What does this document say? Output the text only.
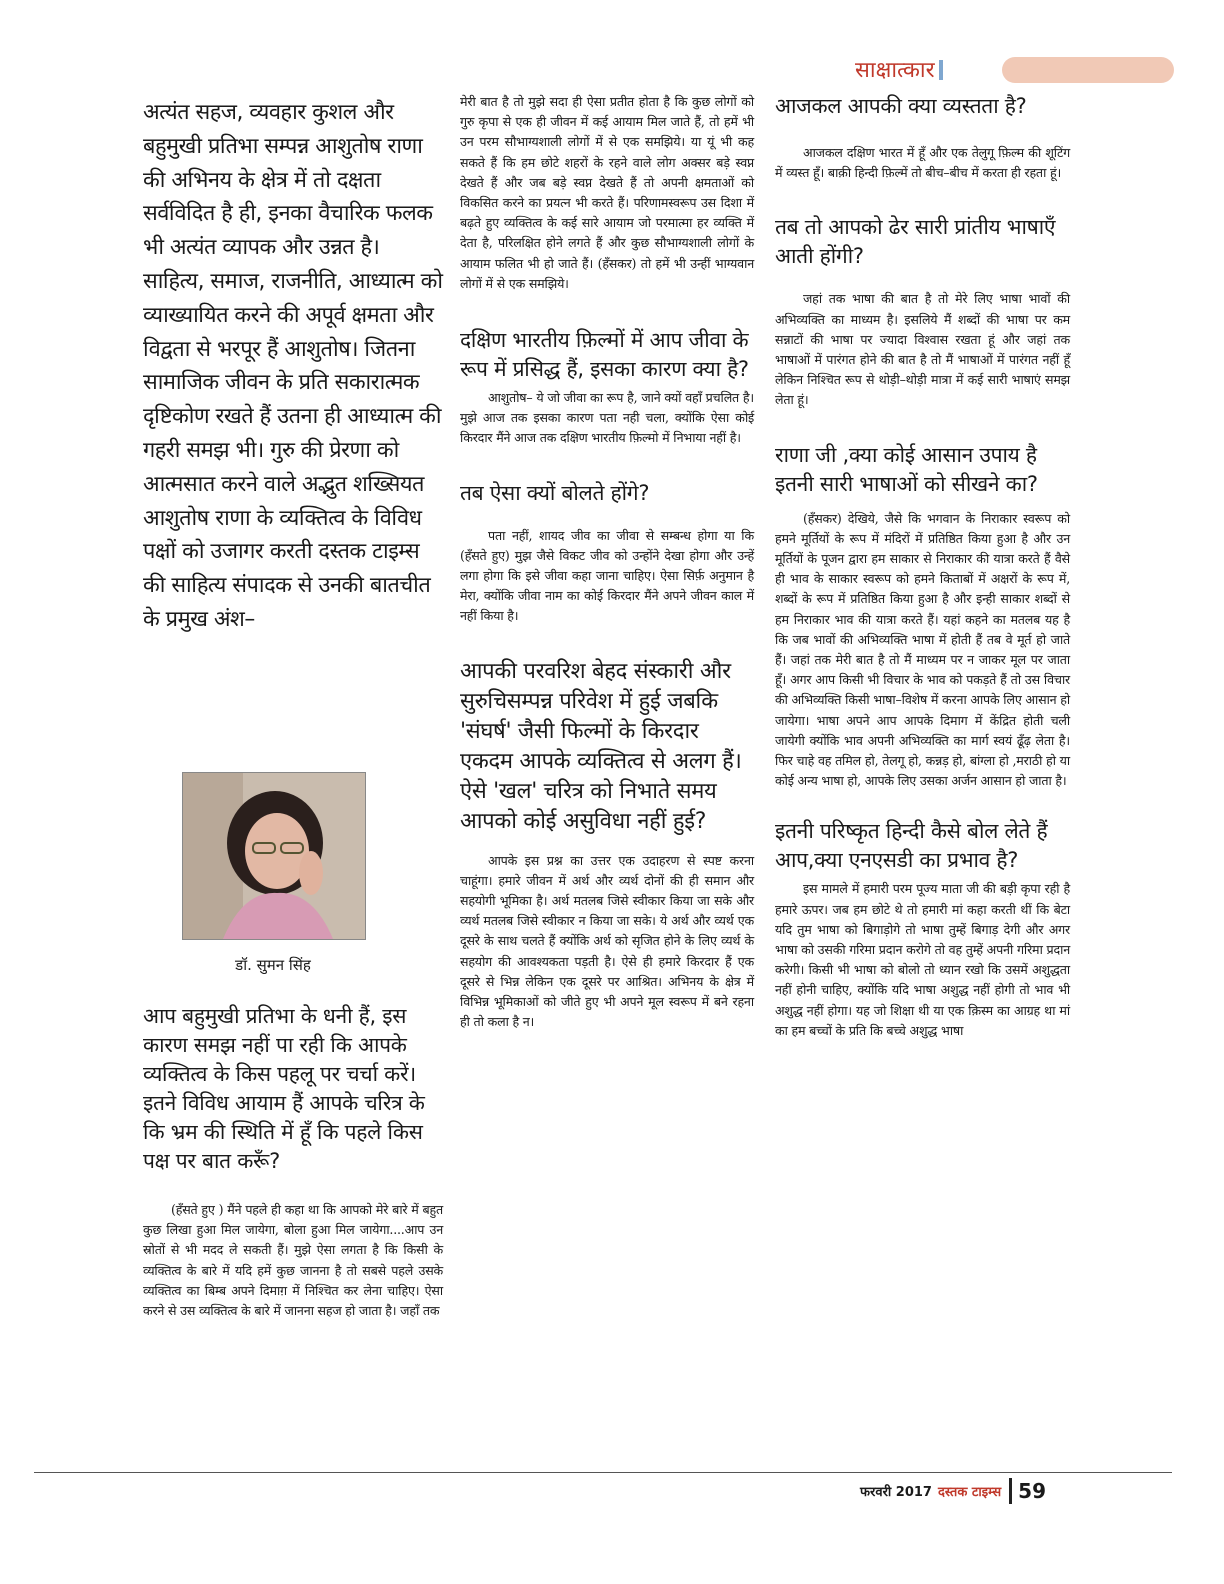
साक्षात्कार

अत्यंत सहज, व्यवहार कुशल और बहुमुखी प्रतिभा सम्पन्न आशुतोष राणा की अभिनय के क्षेत्र में तो दक्षता सर्वविदित है ही, इनका वैचारिक फलक भी अत्यंत व्यापक और उन्नत है। साहित्य, समाज, राजनीति, आध्यात्म को व्याख्यायित करने की अपूर्व क्षमता और विद्वता से भरपूर हैं आशुतोष। जितना सामाजिक जीवन के प्रति सकारात्मक दृष्टिकोण रखते हैं उतना ही आध्यात्म की गहरी समझ भी। गुरु की प्रेरणा को आत्मसात करने वाले अद्भुत शख्सियत आशुतोष राणा के व्यक्तित्व के विविध पक्षों को उजागर करती दस्तक टाइम्स की साहित्य संपादक से उनकी बातचीत के प्रमुख अंश–

डॉ. सुमन सिंह

आप बहुमुखी प्रतिभा के धनी हैं, इस कारण समझ नहीं पा रही कि आपके व्यक्तित्व के किस पहलू पर चर्चा करें। इतने विविध आयाम हैं आपके चरित्र के कि भ्रम की स्थिति में हूँ कि पहले किस पक्ष पर बात करूँ?

(हँसते हुए ) मैंने पहले ही कहा था कि आपको मेरे बारे में बहुत कुछ लिखा हुआ मिल जायेगा, बोला हुआ मिल जायेगा....आप उन स्रोतों से भी मदद ले सकती हैं। मुझे ऐसा लगता है कि किसी के व्यक्तित्व के बारे में यदि हमें कुछ जानना है तो सबसे पहले उसके व्यक्तित्व का बिम्ब अपने दिमाग़ में निश्चित कर लेना चाहिए। ऐसा करने से उस व्यक्तित्व के बारे में जानना सहज हो जाता है। जहाँ तक

मेरी बात है तो मुझे सदा ही ऐसा प्रतीत होता है कि कुछ लोगों को गुरु कृपा से एक ही जीवन में कई आयाम मिल जाते हैं, तो हमें भी उन परम सौभाग्यशाली लोगों में से एक समझिये। या यूं भी कह सकते हैं कि हम छोटे शहरों के रहने वाले लोग अक्सर बड़े स्वप्न देखते हैं और जब बड़े स्वप्न देखते हैं तो अपनी क्षमताओं को विकसित करने का प्रयत्न भी करते हैं। परिणामस्वरूप उस दिशा में बढ़ते हुए व्यक्तित्व के कई सारे आयाम जो परमात्मा हर व्यक्ति में देता है, परिलक्षित होने लगते हैं और कुछ सौभाग्यशाली लोगों के आयाम फलित भी हो जाते हैं। (हँसकर) तो हमें भी उन्हीं भाग्यवान लोगों में से एक समझिये।

दक्षिण भारतीय फ़िल्मों में आप जीवा के रूप में प्रसिद्ध हैं, इसका कारण क्या है?

आशुतोष– ये जो जीवा का रूप है, जाने क्यों वहाँ प्रचलित है। मुझे आज तक इसका कारण पता नही चला, क्योंकि ऐसा कोई किरदार मैंने आज तक दक्षिण भारतीय फ़िल्मो में निभाया नहीं है।

तब ऐसा क्यों बोलते होंगे?

पता नहीं, शायद जीव का जीवा से सम्बन्ध होगा या कि (हँसते हुए) मुझ जैसे विकट जीव को उन्होंने देखा होगा और उन्हें लगा होगा कि इसे जीवा कहा जाना चाहिए। ऐसा सिर्फ़ अनुमान है मेरा, क्योंकि जीवा नाम का कोई किरदार मैंने अपने जीवन काल में नहीं किया है।

आपकी परवरिश बेहद संस्कारी और सुरुचिसम्पन्न परिवेश में हुई जबकि 'संघर्ष' जैसी फिल्मों के किरदार एकदम आपके व्यक्तित्व से अलग हैं। ऐसे 'खल' चरित्र को निभाते समय आपको कोई असुविधा नहीं हुई?

आपके इस प्रश्न का उत्तर एक उदाहरण से स्पष्ट करना चाहूंगा। हमारे जीवन में अर्थ और व्यर्थ दोनों की ही समान और सहयोगी भूमिका है। अर्थ मतलब जिसे स्वीकार किया जा सके और व्यर्थ मतलब जिसे स्वीकार न किया जा सके। ये अर्थ और व्यर्थ एक दूसरे के साथ चलते हैं क्योंकि अर्थ को सृजित होने के लिए व्यर्थ के सहयोग की आवश्यकता पड़ती है। ऐसे ही हमारे किरदार हैं एक दूसरे से भिन्न लेकिन एक दूसरे पर आश्रित। अभिनय के क्षेत्र में विभिन्न भूमिकाओं को जीते हुए भी अपने मूल स्वरूप में बने रहना ही तो कला है न।

आजकल आपकी क्या व्यस्तता है?

आजकल दक्षिण भारत में हूँ और एक तेलुगू फ़िल्म की शूटिंग में व्यस्त हूँ। बाक़ी हिन्दी फ़िल्में तो बीच–बीच में करता ही रहता हूं।

तब तो आपको ढेर सारी प्रांतीय भाषाएँ आती होंगी?

जहां तक भाषा की बात है तो मेरे लिए भाषा भावों की अभिव्यक्ति का माध्यम है। इसलिये मैं शब्दों की भाषा पर कम सन्नाटों की भाषा पर ज्यादा विश्वास रखता हूं और जहां तक भाषाओं में पारंगत होने की बात है तो मैं भाषाओं में पारंगत नहीं हूँ लेकिन निश्चित रूप से थोड़ी–थोड़ी मात्रा में कई सारी भाषाएं समझ लेता हूं।

राणा जी ,क्या कोई आसान उपाय है इतनी सारी भाषाओं को सीखने का?

(हँसकर) देखिये, जैसे कि भगवान के निराकार स्वरूप को हमने मूर्तियों के रूप में मंदिरों में प्रतिष्ठित किया हुआ है और उन मूर्तियों के पूजन द्वारा हम साकार से निराकार की यात्रा करते हैं वैसे ही भाव के साकार स्वरूप को हमने किताबों में अक्षरों के रूप में, शब्दों के रूप में प्रतिष्ठित किया हुआ है और इन्ही साकार शब्दों से हम निराकार भाव की यात्रा करते हैं। यहां कहने का मतलब यह है कि जब भावों की अभिव्यक्ति भाषा में होती हैं तब वे मूर्त हो जाते हैं। जहां तक मेरी बात है तो मैं माध्यम पर न जाकर मूल पर जाता हूँ। अगर आप किसी भी विचार के भाव को पकड़ते हैं तो उस विचार की अभिव्यक्ति किसी भाषा–विशेष में करना आपके लिए आसान हो जायेगा। भाषा अपने आप आपके दिमाग में केंद्रित होती चली जायेगी क्योंकि भाव अपनी अभिव्यक्ति का मार्ग स्वयं ढूँढ़ लेता है। फिर चाहे वह तमिल हो, तेलगू हो, कन्नड़ हो, बांग्ला हो ,मराठी हो या कोई अन्य भाषा हो, आपके लिए उसका अर्जन आसान हो जाता है।

इतनी परिष्कृत हिन्दी कैसे बोल लेते हैं आप,क्या एनएसडी का प्रभाव है?

इस मामले में हमारी परम पूज्य माता जी की बड़ी कृपा रही है हमारे ऊपर। जब हम छोटे थे तो हमारी मां कहा करती थीं कि बेटा यदि तुम भाषा को बिगाड़ोगे तो भाषा तुम्हें बिगाड़ देगी और अगर भाषा को उसकी गरिमा प्रदान करोगे तो वह तुम्हें अपनी गरिमा प्रदान करेगी। किसी भी भाषा को बोलो तो ध्यान रखो कि उसमें अशुद्धता नहीं होनी चाहिए, क्योंकि यदि भाषा अशुद्ध नहीं होगी तो भाव भी अशुद्ध नहीं होगा। यह जो शिक्षा थी या एक क़िस्म का आग्रह था मां का हम बच्चों के प्रति कि बच्चे अशुद्ध भाषा

फरवरी 2017 दस्तक टाइम्स 59
